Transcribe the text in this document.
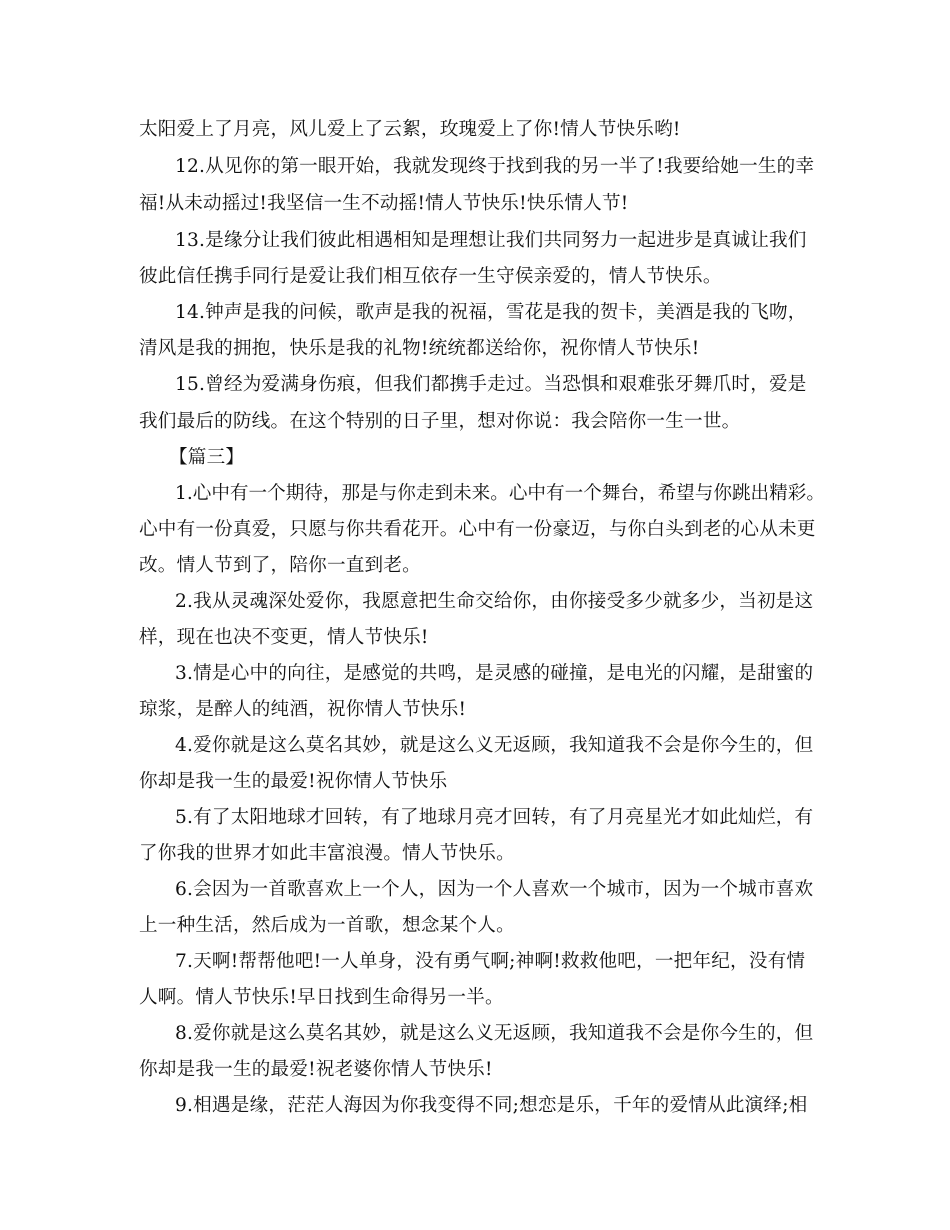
太阳爱上了月亮，风儿爱上了云絮，玫瑰爱上了你!情人节快乐哟!
12.从见你的第一眼开始，我就发现终于找到我的另一半了!我要给她一生的幸
福!从未动摇过!我坚信一生不动摇!情人节快乐!快乐情人节!
13.是缘分让我们彼此相遇相知是理想让我们共同努力一起进步是真诚让我们
彼此信任携手同行是爱让我们相互依存一生守侯亲爱的，情人节快乐。
14.钟声是我的问候，歌声是我的祝福，雪花是我的贺卡，美酒是我的飞吻，
清风是我的拥抱，快乐是我的礼物!统统都送给你，祝你情人节快乐!
15.曾经为爱满身伤痕，但我们都携手走过。当恐惧和艰难张牙舞爪时，爱是
我们最后的防线。在这个特别的日子里，想对你说：我会陪你一生一世。
【篇三】
1.心中有一个期待，那是与你走到未来。心中有一个舞台，希望与你跳出精彩。
心中有一份真爱，只愿与你共看花开。心中有一份豪迈，与你白头到老的心从未更
改。情人节到了，陪你一直到老。
2.我从灵魂深处爱你，我愿意把生命交给你，由你接受多少就多少，当初是这
样，现在也决不变更，情人节快乐!
3.情是心中的向往，是感觉的共鸣，是灵感的碰撞，是电光的闪耀，是甜蜜的
琼浆，是醉人的纯酒，祝你情人节快乐!
4.爱你就是这么莫名其妙，就是这么义无返顾，我知道我不会是你今生的，但
你却是我一生的最爱!祝你情人节快乐
5.有了太阳地球才回转，有了地球月亮才回转，有了月亮星光才如此灿烂，有
了你我的世界才如此丰富浪漫。情人节快乐。
6.会因为一首歌喜欢上一个人，因为一个人喜欢一个城市，因为一个城市喜欢
上一种生活，然后成为一首歌，想念某个人。
7.天啊!帮帮他吧!一人单身，没有勇气啊;神啊!救救他吧，一把年纪，没有情
人啊。情人节快乐!早日找到生命得另一半。
8.爱你就是这么莫名其妙，就是这么义无返顾，我知道我不会是你今生的，但
你却是我一生的最爱!祝老婆你情人节快乐!
9.相遇是缘，茫茫人海因为你我变得不同;想恋是乐，千年的爱情从此演绎;相
